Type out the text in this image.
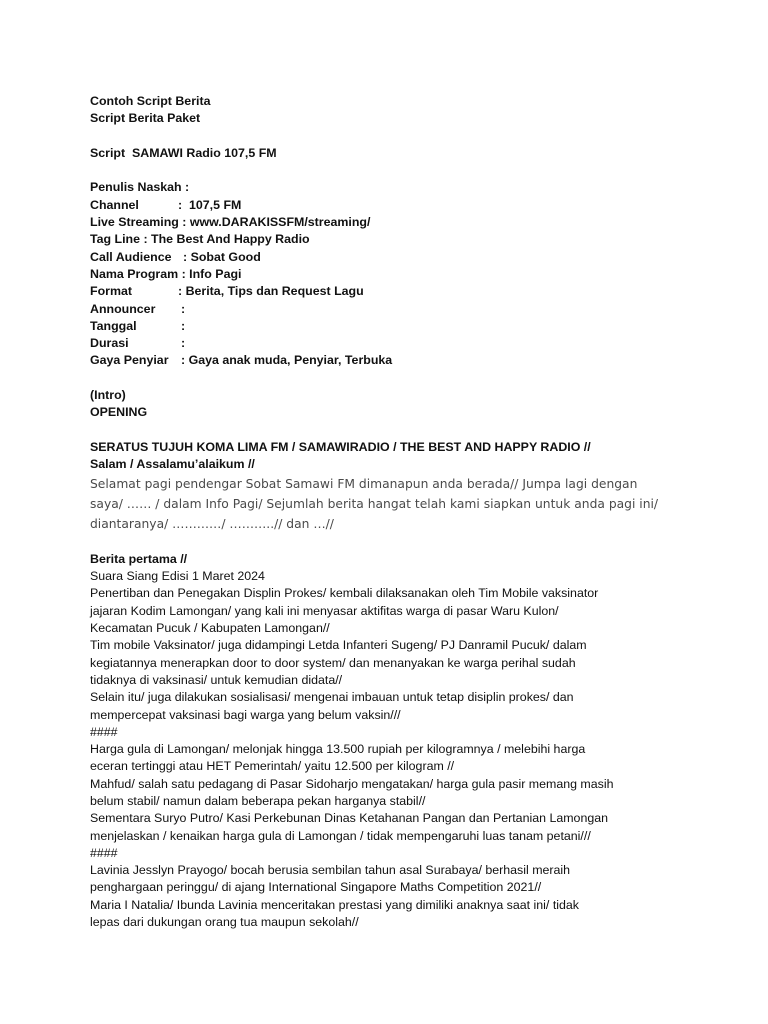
Contoh Script Berita
Script Berita Paket
Script  SAMAWI Radio 107,5 FM
Penulis Naskah :
Channel	:  107,5 FM
Live Streaming : www.DARAKISSFM/streaming/
Tag Line : The Best And Happy Radio
Call Audience : Sobat Good
Nama Program : Info Pagi
Format	: Berita, Tips dan Request Lagu
Announcer :
Tanggal	:
Durasi	:
Gaya Penyiar : Gaya anak muda, Penyiar, Terbuka
(Intro)
OPENING
SERATUS TUJUH KOMA LIMA FM / SAMAWIRADIO / THE BEST AND HAPPY RADIO //
Salam / Assalamu’alaikum //
Selamat pagi pendengar Sobat Samawi FM dimanapun anda berada// Jumpa lagi dengan
saya/ …… / dalam Info Pagi/ Sejumlah berita hangat telah kami siapkan untuk anda pagi ini/
diantaranya/ …………/ ………..// dan …//
Berita pertama //
Suara Siang Edisi 1 Maret 2024
Penertiban dan Penegakan Displin Prokes/ kembali dilaksanakan oleh Tim Mobile vaksinator
jajaran Kodim Lamongan/ yang kali ini menyasar aktifitas warga di pasar Waru Kulon/
Kecamatan Pucuk / Kabupaten Lamongan//
Tim mobile Vaksinator/ juga didampingi Letda Infanteri Sugeng/ PJ Danramil Pucuk/ dalam
kegiatannya menerapkan door to door system/ dan menanyakan ke warga perihal sudah
tidaknya di vaksinasi/ untuk kemudian didata//
Selain itu/ juga dilakukan sosialisasi/ mengenai imbauan untuk tetap disiplin prokes/ dan
mempercepat vaksinasi bagi warga yang belum vaksin///
####
Harga gula di Lamongan/ melonjak hingga 13.500 rupiah per kilogramnya / melebihi harga
eceran tertinggi atau HET Pemerintah/ yaitu 12.500 per kilogram //
Mahfud/ salah satu pedagang di Pasar Sidoharjo mengatakan/ harga gula pasir memang masih
belum stabil/ namun dalam beberapa pekan harganya stabil//
Sementara Suryo Putro/ Kasi Perkebunan Dinas Ketahanan Pangan dan Pertanian Lamongan
menjelaskan / kenaikan harga gula di Lamongan / tidak mempengaruhi luas tanam petani///
####
Lavinia Jesslyn Prayogo/ bocah berusia sembilan tahun asal Surabaya/ berhasil meraih
penghargaan peringgu/ di ajang International Singapore Maths Competition 2021//
Maria I Natalia/ Ibunda Lavinia menceritakan prestasi yang dimiliki anaknya saat ini/ tidak
lepas dari dukungan orang tua maupun sekolah//
